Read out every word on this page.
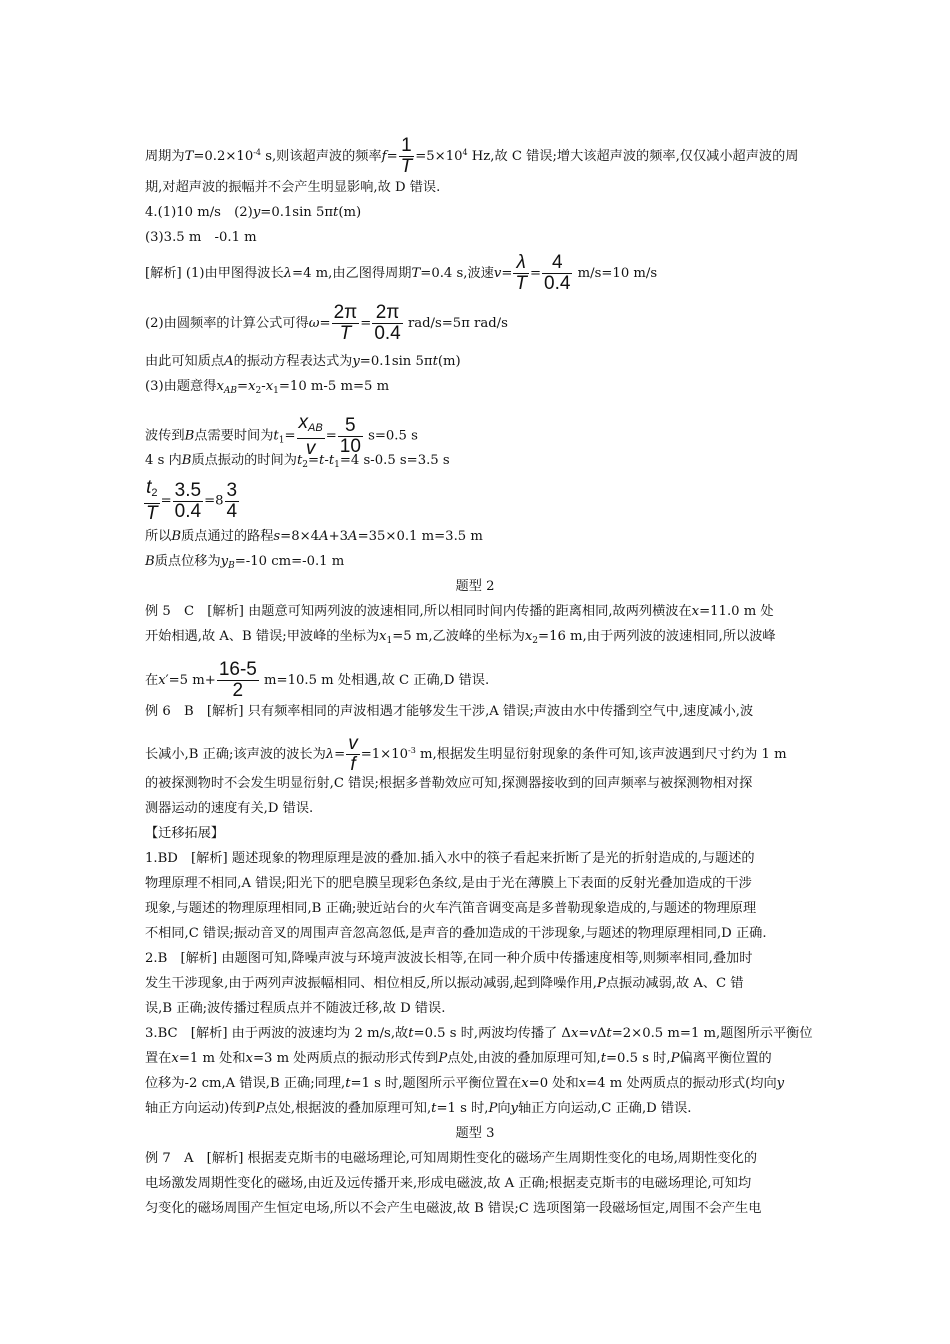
周期为$T=0.2\times 10^{-4}$ s,则该超声波的频率$f= \frac{1}{T} =5\times 10^4$ Hz,故 C 错误;增大该超声波的频率,仅仅减小超声波的周
期,对超声波的振幅并不会产生明显影响,故 D 错误.
4.(1)10 m/s　(2)y=0.1sin 5πt(m)
(3)3.5 m　-0.1 m
[解析] (1)由甲图得波长λ=4 m,由乙图得周期T=0.4 s,波速$v= \frac{\lambda}{T} = \frac{4}{0.4} m/s=10$ m/s
(2)由圆频率的计算公式可得$\omega= \frac{2\pi}{T} = \frac{2\pi}{0.4} rad/s=5\pi$ rad/s
由此可知质点A的振动方程表达式为y=0.1sin 5πt(m)
(3)由题意得$x_{AB}=x_2-x_1=10$ m-5 m=5 m
波传到B点需要时间为$t_1= \frac{x_{AB}}{v} = \frac{5}{10} s=0.5$ s
4 s 内B质点振动的时间为$t_2=t-t_1=4$ s-0.5 s=3.5 s
$\frac{t_2}{T} = \frac{3.5}{0.4} =8 \frac{3}{4}$
所以B质点通过的路程s=8×4A+3A=35×0.1 m=3.5 m
B质点位移为$y_B=-10$ cm=-0.1 m
题型 2
例 5　C　[解析] 由题意可知两列波的波速相同,所以相同时间内传播的距离相同,故两列横波在x=11.0 m 处
开始相遇,故 A、B 错误;甲波峰的坐标为$x_1=5$ m,乙波峰的坐标为$x_2=16$ m,由于两列波的波速相同,所以波峰
在x′=5 $m+ \frac{16-5}{2} m=10.5$ m 处相遇,故 C 正确,D 错误.
例 6　B　[解析] 只有频率相同的声波相遇才能够发生干涉,A 错误;声波由水中传播到空气中,速度减小,波
长减小,B 正确;该声波的波长为$\lambda= \frac{v}{f} =1\times 10^{-3}$ m,根据发生明显衍射现象的条件可知,该声波遇到尺寸约为 1 m
的被探测物时不会发生明显衍射,C 错误;根据多普勒效应可知,探测器接收到的回声频率与被探测物相对探
测器运动的速度有关,D 错误.
【迁移拓展】
1.BD　[解析] 题述现象的物理原理是波的叠加.插入水中的筷子看起来折断了是光的折射造成的,与题述的
物理原理不相同,A 错误;阳光下的肥皂膜呈现彩色条纹,是由于光在薄膜上下表面的反射光叠加造成的干涉
现象,与题述的物理原理相同,B 正确;驶近站台的火车汽笛音调变高是多普勒现象造成的,与题述的物理原理
不相同,C 错误;振动音叉的周围声音忽高忽低,是声音的叠加造成的干涉现象,与题述的物理原理相同,D 正确.
2.B　[解析] 由题图可知,降噪声波与环境声波波长相等,在同一种介质中传播速度相等,则频率相同,叠加时
发生干涉现象,由于两列声波振幅相同、相位相反,所以振动减弱,起到降噪作用,P点振动减弱,故 A、C 错
误,B 正确;波传播过程质点并不随波迁移,故 D 错误.
3.BC　[解析] 由于两波的波速均为 2 m/s,故t=0.5 s 时,两波均传播了 Δx=vΔt=2×0.5 m=1 m,题图所示平衡位
置在x=1 m 处和x=3 m 处两质点的振动形式传到P点处,由波的叠加原理可知,t=0.5 s 时,P偏离平衡位置的
位移为-2 cm,A 错误,B 正确;同理,t=1 s 时,题图所示平衡位置在x=0 处和x=4 m 处两质点的振动形式(均向y
轴正方向运动)传到P点处,根据波的叠加原理可知,t=1 s 时,P向y轴正方向运动,C 正确,D 错误.
题型 3
例 7　A　[解析] 根据麦克斯韦的电磁场理论,可知周期性变化的磁场产生周期性变化的电场,周期性变化的
电场激发周期性变化的磁场,由近及远传播开来,形成电磁波,故 A 正确;根据麦克斯韦的电磁场理论,可知均
匀变化的磁场周围产生恒定电场,所以不会产生电磁波,故 B 错误;C 选项图第一段磁场恒定,周围不会产生电
